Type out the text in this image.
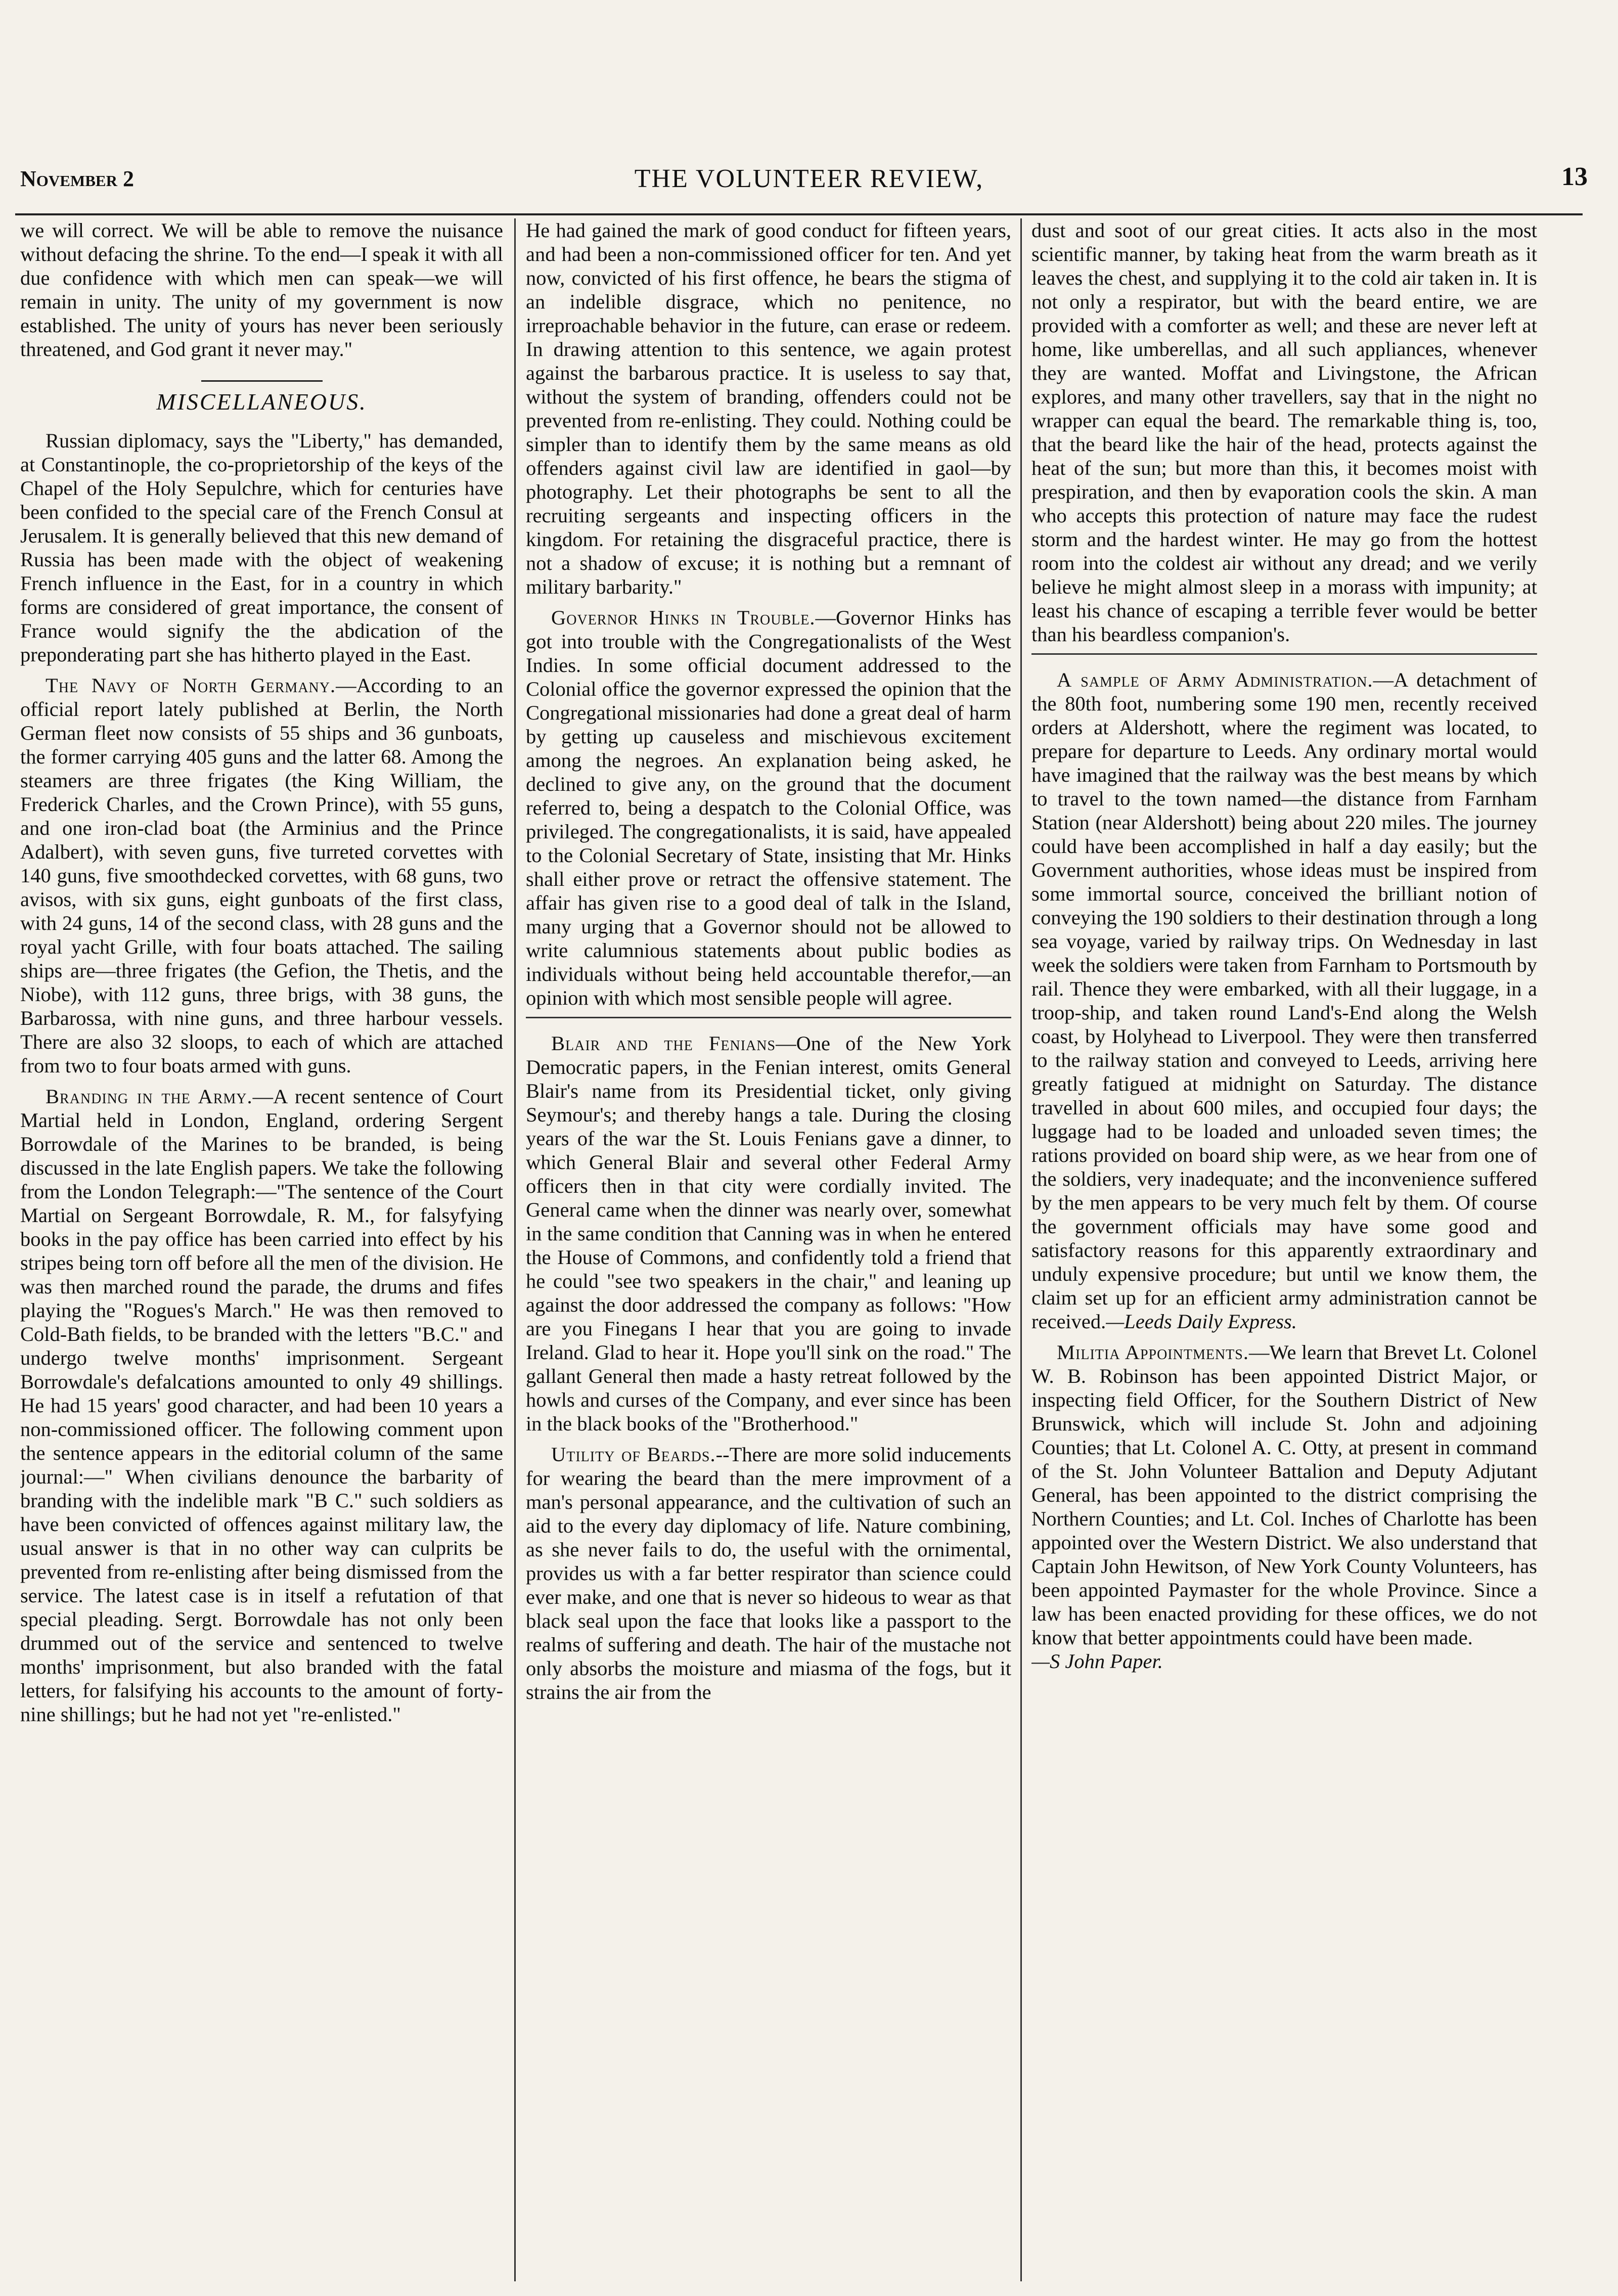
November 2	THE VOLUNTEER REVIEW,	13

we will correct. We will be able to remove the nuisance without defacing the shrine. To the end—I speak it with all due confidence with which men can speak—we will remain in unity. The unity of my government is now established. The unity of yours has never been seriously threatened, and God grant it never may."

MISCELLANEOUS.

Russian diplomacy, says the "Liberty," has demanded, at Constantinople, the co-proprietorship of the keys of the Chapel of the Holy Sepulchre, which for centuries have been confided to the special care of the French Consul at Jerusalem. It is generally believed that this new demand of Russia has been made with the object of weakening French influence in the East, for in a country in which forms are considered of great importance, the consent of France would signify the the abdication of the preponderating part she has hitherto played in the East.

The Navy of North Germany.—According to an official report lately published at Berlin, the North German fleet now consists of 55 ships and 36 gunboats, the former carrying 405 guns and the latter 68. Among the steamers are three frigates (the King William, the Frederick Charles, and the Crown Prince), with 55 guns, and one iron-clad boat (the Arminius and the Prince Adalbert), with seven guns, five turreted corvettes with 140 guns, five smoothdecked corvettes, with 68 guns, two avisos, with six guns, eight gunboats of the first class, with 24 guns, 14 of the second class, with 28 guns and the royal yacht Grille, with four boats attached. The sailing ships are—three frigates (the Gefion, the Thetis, and the Niobe), with 112 guns, three brigs, with 38 guns, the Barbarossa, with nine guns, and three harbour vessels. There are also 32 sloops, to each of which are attached from two to four boats armed with guns.

Branding in the Army.—A recent sentence of Court Martial held in London, England, ordering Sergent Borrowdale of the Marines to be branded, is being discussed in the late English papers. We take the following from the London Telegraph:—"The sentence of the Court Martial on Sergeant Borrowdale, R. M., for falsyfying books in the pay office has been carried into effect by his stripes being torn off before all the men of the division. He was then marched round the parade, the drums and fifes playing the "Rogues's March." He was then removed to Cold-Bath fields, to be branded with the letters "B.C." and undergo twelve months' imprisonment. Sergeant Borrowdale's defalcations amounted to only 49 shillings. He had 15 years' good character, and had been 10 years a non-commissioned officer. The following comment upon the sentence appears in the editorial column of the same journal:—" When civilians denounce the barbarity of branding with the indelible mark "B C." such soldiers as have been convicted of offences against military law, the usual answer is that in no other way can culprits be prevented from re-enlisting after being dismissed from the service. The latest case is in itself a refutation of that special pleading. Sergt. Borrowdale has not only been drummed out of the service and sentenced to twelve months' imprisonment, but also branded with the fatal letters, for falsifying his accounts to the amount of forty-nine shillings; but he had not yet "re-enlisted."

He had gained the mark of good conduct for fifteen years, and had been a non-commissioned officer for ten. And yet now, convicted of his first offence, he bears the stigma of an indelible disgrace, which no penitence, no irreproachable behavior in the future, can erase or redeem. In drawing attention to this sentence, we again protest against the barbarous practice. It is useless to say that, without the system of branding, offenders could not be prevented from re-enlisting. They could. Nothing could be simpler than to identify them by the same means as old offenders against civil law are identified in gaol—by photography. Let their photographs be sent to all the recruiting sergeants and inspecting officers in the kingdom. For retaining the disgraceful practice, there is not a shadow of excuse; it is nothing but a remnant of military barbarity."

Governor Hinks in Trouble.—Governor Hinks has got into trouble with the Congregationalists of the West Indies. In some official document addressed to the Colonial office the governor expressed the opinion that the Congregational missionaries had done a great deal of harm by getting up causeless and mischievous excitement among the negroes. An explanation being asked, he declined to give any, on the ground that the document referred to, being a despatch to the Colonial Office, was privileged. The congregationalists, it is said, have appealed to the Colonial Secretary of State, insisting that Mr. Hinks shall either prove or retract the offensive statement. The affair has given rise to a good deal of talk in the Island, many urging that a Governor should not be allowed to write calumnious statements about public bodies as individuals without being held accountable therefor,—an opinion with which most sensible people will agree.

Blair and the Fenians—One of the New York Democratic papers, in the Fenian interest, omits General Blair's name from its Presidential ticket, only giving Seymour's; and thereby hangs a tale. During the closing years of the war the St. Louis Fenians gave a dinner, to which General Blair and several other Federal Army officers then in that city were cordially invited. The General came when the dinner was nearly over, somewhat in the same condition that Canning was in when he entered the House of Commons, and confidently told a friend that he could "see two speakers in the chair," and leaning up against the door addressed the company as follows: "How are you Finegans I hear that you are going to invade Ireland. Glad to hear it. Hope you'll sink on the road." The gallant General then made a hasty retreat followed by the howls and curses of the Company, and ever since has been in the black books of the "Brotherhood."

Utility of Beards.--There are more solid inducements for wearing the beard than the mere improvment of a man's personal appearance, and the cultivation of such an aid to the every day diplomacy of life. Nature combining, as she never fails to do, the useful with the ornimental, provides us with a far better respirator than science could ever make, and one that is never so hideous to wear as that black seal upon the face that looks like a passport to the realms of suffering and death. The hair of the mustache not only absorbs the moisture and miasma of the fogs, but it strains the air from the

dust and soot of our great cities. It acts also in the most scientific manner, by taking heat from the warm breath as it leaves the chest, and supplying it to the cold air taken in. It is not only a respirator, but with the beard entire, we are provided with a comforter as well; and these are never left at home, like umberellas, and all such appliances, whenever they are wanted. Moffat and Livingstone, the African explores, and many other travellers, say that in the night no wrapper can equal the beard. The remarkable thing is, too, that the beard like the hair of the head, protects against the heat of the sun; but more than this, it becomes moist with prespiration, and then by evaporation cools the skin. A man who accepts this protection of nature may face the rudest storm and the hardest winter. He may go from the hottest room into the coldest air without any dread; and we verily believe he might almost sleep in a morass with impunity; at least his chance of escaping a terrible fever would be better than his beardless companion's.

A sample of Army Administration.—A detachment of the 80th foot, numbering some 190 men, recently received orders at Aldershott, where the regiment was located, to prepare for departure to Leeds. Any ordinary mortal would have imagined that the railway was the best means by which to travel to the town named—the distance from Farnham Station (near Aldershott) being about 220 miles. The journey could have been accomplished in half a day easily; but the Government authorities, whose ideas must be inspired from some immortal source, conceived the brilliant notion of conveying the 190 soldiers to their destination through a long sea voyage, varied by railway trips. On Wednesday in last week the soldiers were taken from Farnham to Portsmouth by rail. Thence they were embarked, with all their luggage, in a troop-ship, and taken round Land's-End along the Welsh coast, by Holyhead to Liverpool. They were then transferred to the railway station and conveyed to Leeds, arriving here greatly fatigued at midnight on Saturday. The distance travelled in about 600 miles, and occupied four days; the luggage had to be loaded and unloaded seven times; the rations provided on board ship were, as we hear from one of the soldiers, very inadequate; and the inconvenience suffered by the men appears to be very much felt by them. Of course the government officials may have some good and satisfactory reasons for this apparently extraordinary and unduly expensive procedure; but until we know them, the claim set up for an efficient army administration cannot be received.—Leeds Daily Express.

Militia Appointments.—We learn that Brevet Lt. Colonel W. B. Robinson has been appointed District Major, or inspecting field Officer, for the Southern District of New Brunswick, which will include St. John and adjoining Counties; that Lt. Colonel A. C. Otty, at present in command of the St. John Volunteer Battalion and Deputy Adjutant General, has been appointed to the district comprising the Northern Counties; and Lt. Col. Inches of Charlotte has been appointed over the Western District. We also understand that Captain John Hewitson, of New York County Volunteers, has been appointed Paymaster for the whole Province. Since a law has been enacted providing for these offices, we do not know that better appointments could have been made.
—S John Paper.
